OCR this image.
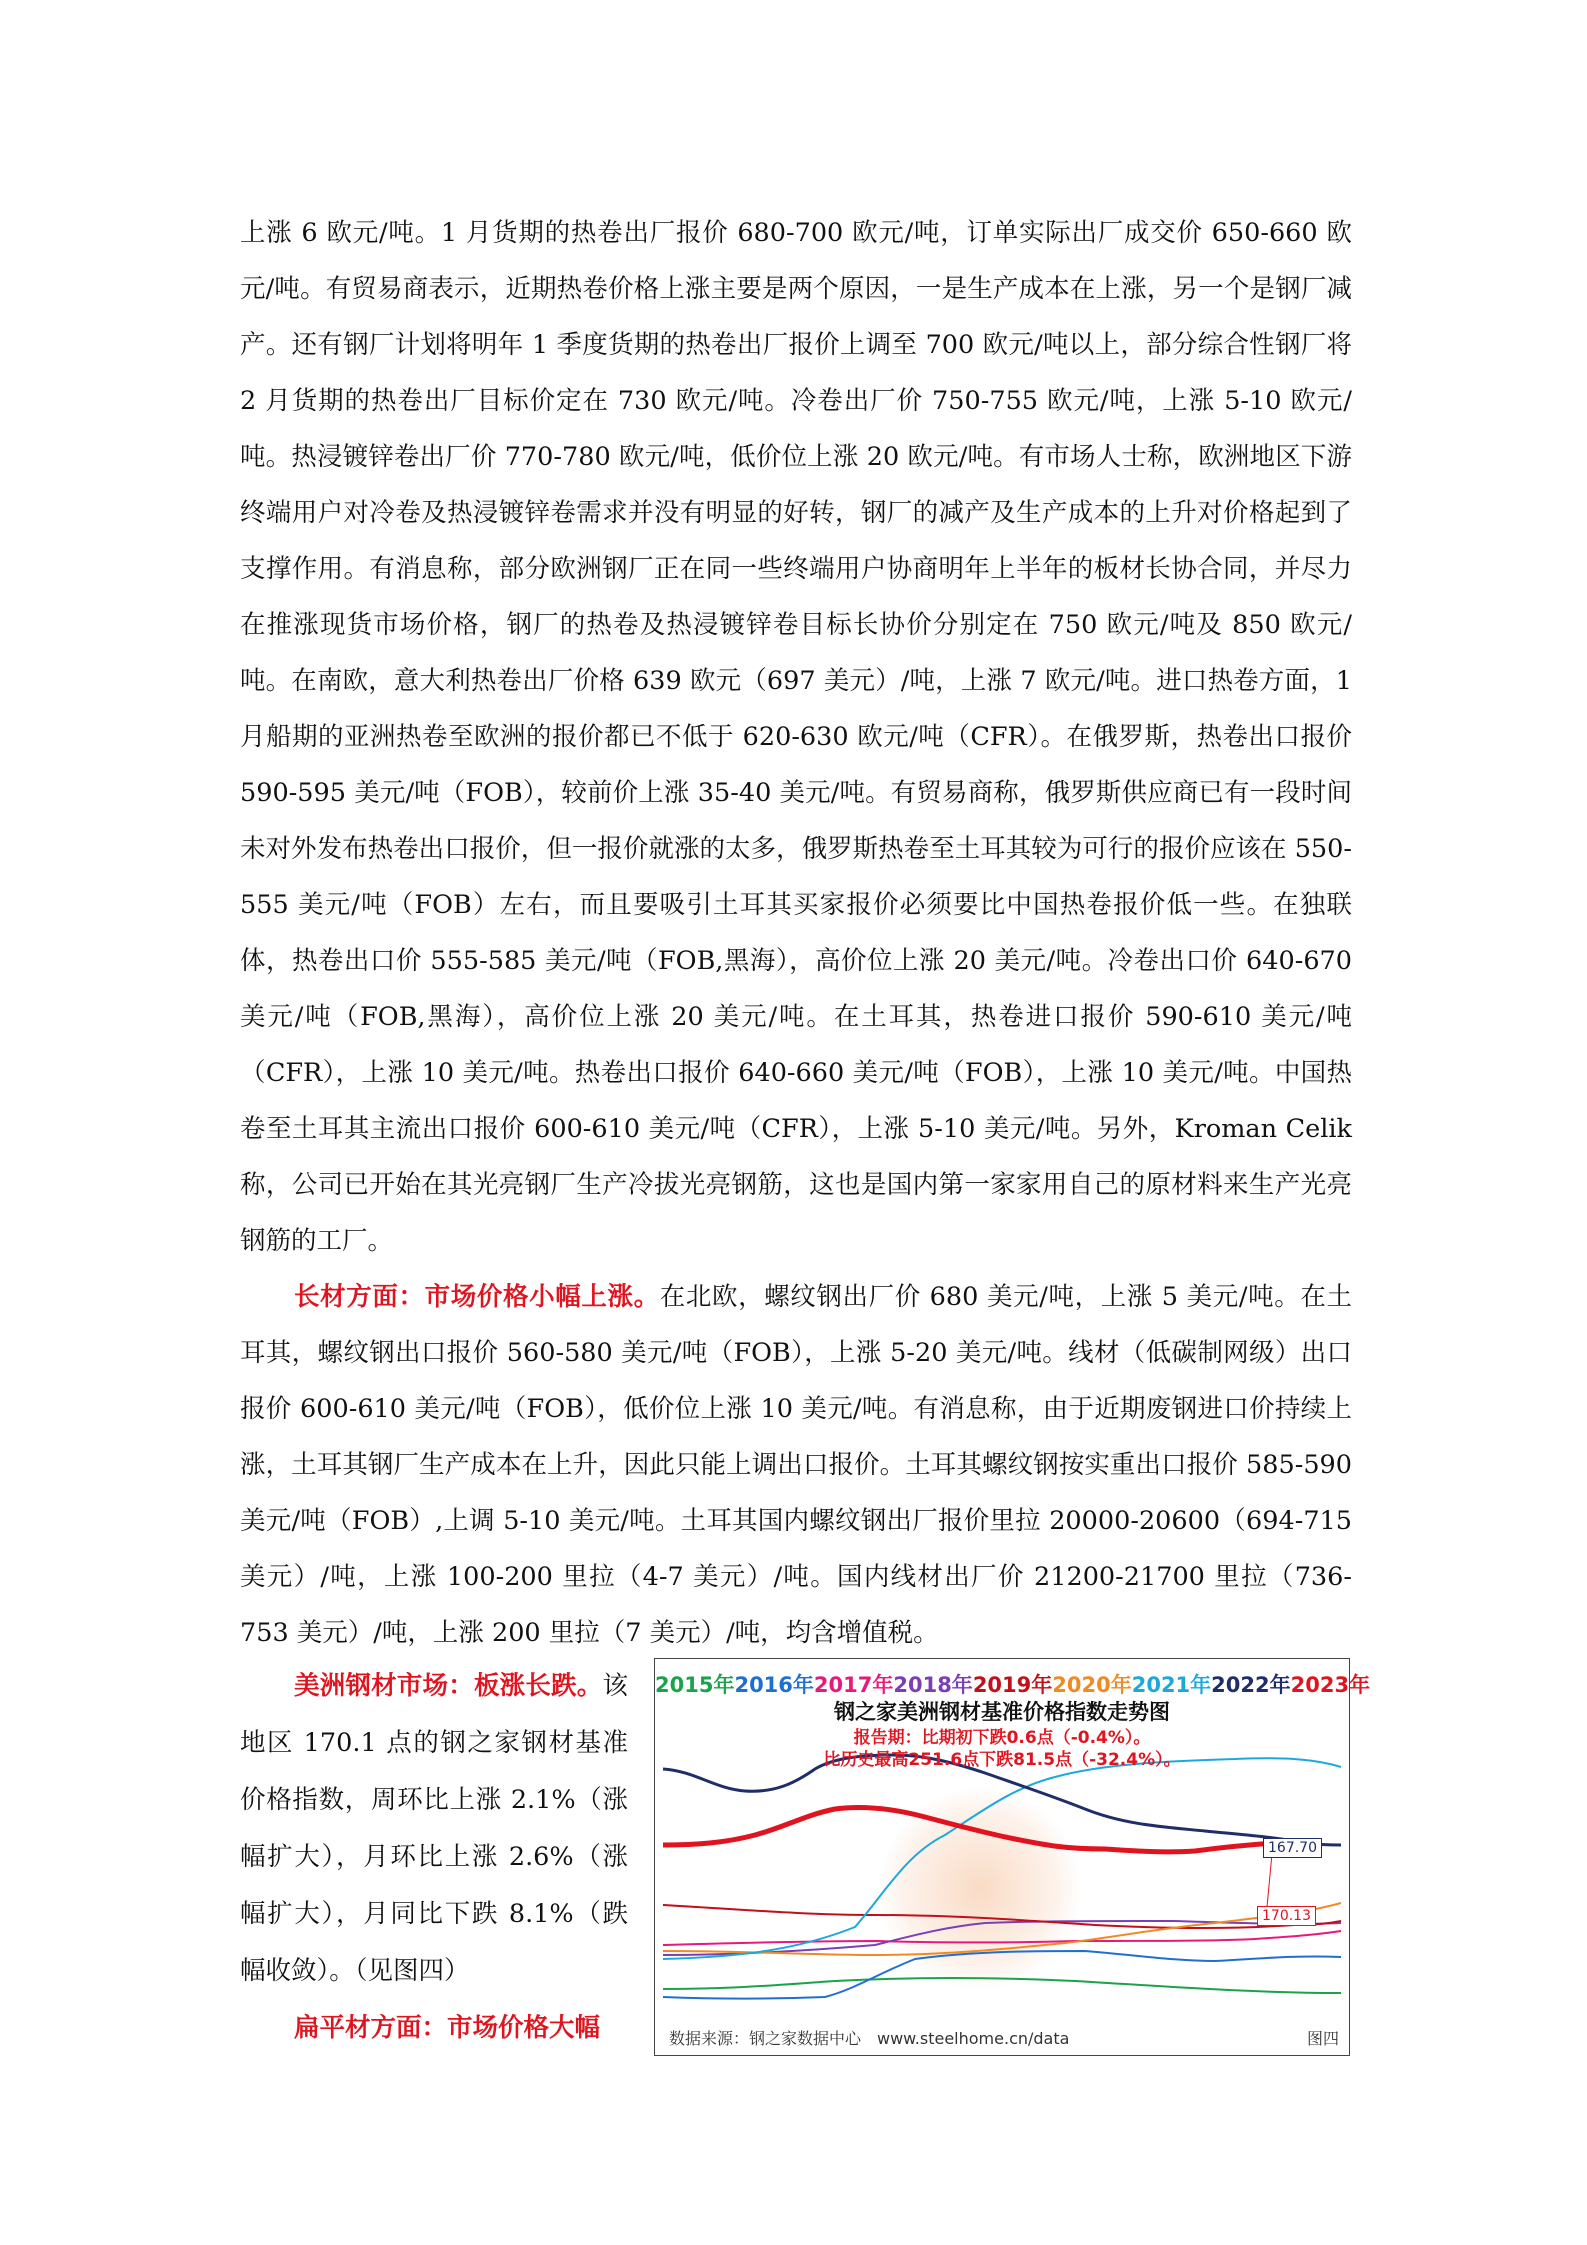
上涨 6 欧元/吨。1 月货期的热卷出厂报价 680-700 欧元/吨，订单实际出厂成交价 650-660 欧元/吨。有贸易商表示，近期热卷价格上涨主要是两个原因，一是生产成本在上涨，另一个是钢厂减产。还有钢厂计划将明年 1 季度货期的热卷出厂报价上调至 700 欧元/吨以上，部分综合性钢厂将 2 月货期的热卷出厂目标价定在 730 欧元/吨。冷卷出厂价 750-755 欧元/吨，上涨 5-10 欧元/吨。热浸镀锌卷出厂价 770-780 欧元/吨，低价位上涨 20 欧元/吨。有市场人士称，欧洲地区下游终端用户对冷卷及热浸镀锌卷需求并没有明显的好转，钢厂的减产及生产成本的上升对价格起到了支撑作用。有消息称，部分欧洲钢厂正在同一些终端用户协商明年上半年的板材长协合同，并尽力在推涨现货市场价格，钢厂的热卷及热浸镀锌卷目标长协价分别定在 750 欧元/吨及 850 欧元/吨。在南欧，意大利热卷出厂价格 639 欧元（697 美元）/吨，上涨 7 欧元/吨。进口热卷方面，1 月船期的亚洲热卷至欧洲的报价都已不低于 620-630 欧元/吨（CFR）。在俄罗斯，热卷出口报价 590-595 美元/吨（FOB），较前价上涨 35-40 美元/吨。有贸易商称，俄罗斯供应商已有一段时间未对外发布热卷出口报价，但一报价就涨的太多，俄罗斯热卷至土耳其较为可行的报价应该在 550-555 美元/吨（FOB）左右，而且要吸引土耳其买家报价必须要比中国热卷报价低一些。在独联体，热卷出口价 555-585 美元/吨（FOB,黑海），高价位上涨 20 美元/吨。冷卷出口价 640-670 美元/吨（FOB,黑海），高价位上涨 20 美元/吨。在土耳其，热卷进口报价 590-610 美元/吨（CFR），上涨 10 美元/吨。热卷出口报价 640-660 美元/吨（FOB），上涨 10 美元/吨。中国热卷至土耳其主流出口报价 600-610 美元/吨（CFR），上涨 5-10 美元/吨。另外，Kroman Celik 称，公司已开始在其光亮钢厂生产冷拔光亮钢筋，这也是国内第一家家用自己的原材料来生产光亮钢筋的工厂。

长材方面：市场价格小幅上涨。在北欧，螺纹钢出厂价 680 美元/吨，上涨 5 美元/吨。在土耳其，螺纹钢出口报价 560-580 美元/吨（FOB），上涨 5-20 美元/吨。线材（低碳制网级）出口报价 600-610 美元/吨（FOB），低价位上涨 10 美元/吨。有消息称，由于近期废钢进口价持续上涨，土耳其钢厂生产成本在上升，因此只能上调出口报价。土耳其螺纹钢按实重出口报价 585-590 美元/吨（FOB）,上调 5-10 美元/吨。土耳其国内螺纹钢出厂报价里拉 20000-20600（694-715 美元）/吨，上涨 100-200 里拉（4-7 美元）/吨。国内线材出厂价 21200-21700 里拉（736-753 美元）/吨，上涨 200 里拉（7 美元）/吨，均含增值税。

美洲钢材市场：板涨长跌。该地区 170.1 点的钢之家钢材基准价格指数，周环比上涨 2.1%（涨幅扩大），月环比上涨 2.6%（涨幅扩大），月同比下跌 8.1%（跌幅收敛）。（见图四）

扁平材方面：市场价格大幅

2015年2016年2017年2018年2019年2020年2021年2022年2023年
钢之家美洲钢材基准价格指数走势图
报告期：比期初下跌0.6点（-0.4%）。
比历史最高251.6点下跌81.5点（-32.4%）。
167.70
170.13
数据来源：钢之家数据中心　www.steelhome.cn/data	图四
